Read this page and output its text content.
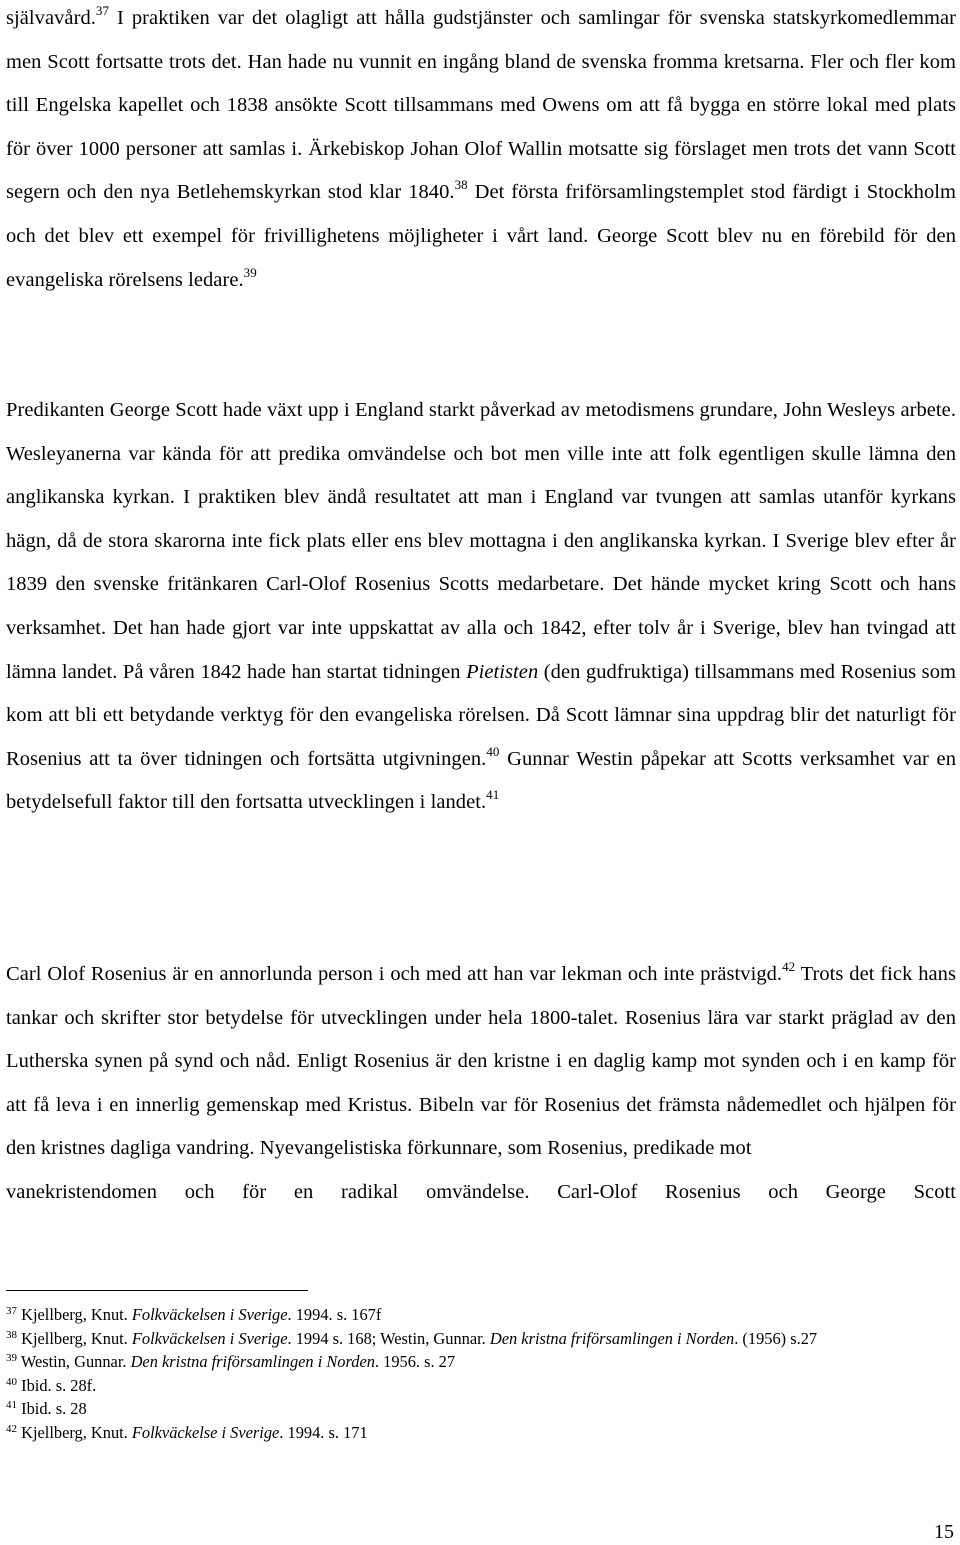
självavård.$^{37}$ I praktiken var det olagligt att hålla gudstjänster och samlingar för svenska statskyrkomedlemmar men Scott fortsatte trots det. Han hade nu vunnit en ingång bland de svenska fromma kretsarna. Fler och fler kom till Engelska kapellet och 1838 ansökte Scott tillsammans med Owens om att få bygga en större lokal med plats för över 1000 personer att samlas i. Ärkebiskop Johan Olof Wallin motsatte sig förslaget men trots det vann Scott segern och den nya Betlehemskyrkan stod klar 1840.38 Det första friförsamlingstemplet stod färdigt i Stockholm och det blev ett exempel för frivillighetens möjligheter i vårt land. George Scott blev nu en förebild för den evangeliska rörelsens ledare.$^{39}$

Predikanten George Scott hade växt upp i England starkt påverkad av metodismens grundare, John Wesleys arbete. Wesleyanerna var kända för att predika omvändelse och bot men ville inte att folk egentligen skulle lämna den anglikanska kyrkan. I praktiken blev ändå resultatet att man i England var tvungen att samlas utanför kyrkans hägn, då de stora skarorna inte fick plats eller ens blev mottagna i den anglikanska kyrkan. I Sverige blev efter år 1839 den svenske fritänkaren Carl-Olof Rosenius Scotts medarbetare. Det hände mycket kring Scott och hans verksamhet. Det han hade gjort var inte uppskattat av alla och 1842, efter tolv år i Sverige, blev han tvingad att lämna landet. På våren 1842 hade han startat tidningen Pietisten (den gudfruktiga) tillsammans med Rosenius som kom att bli ett betydande verktyg för den evangeliska rörelsen. Då Scott lämnar sina uppdrag blir det naturligt för Rosenius att ta över tidningen och fortsätta utgivningen.$^{40}$ Gunnar Westin påpekar att Scotts verksamhet var en betydelsefull faktor till den fortsatta utvecklingen i landet.$^{41}$

Carl Olof Rosenius är en annorlunda person i och med att han var lekman och inte prästvigd.$^{42}$ Trots det fick hans tankar och skrifter stor betydelse för utvecklingen under hela 1800-talet. Rosenius lära var starkt präglad av den Lutherska synen på synd och nåd. Enligt Rosenius är den kristne i en daglig kamp mot synden och i en kamp för att få leva i en innerlig gemenskap med Kristus. Bibeln var för Rosenius det främsta nådemedlet och hjälpen för den kristnes dagliga vandring. Nyevangelistiska förkunnare, som Rosenius, predikade mot
vanekristendomen och för en radikal omvändelse. Carl-Olof Rosenius och George Scott

$^{37}$ Kjellberg, Knut. Folkväckelsen i Sverige. 1994. s. 167f

$^{38}$ Kjellberg, Knut. Folkväckelsen i Sverige. 1994 s. 168; Westin, Gunnar. Den kristna friförsamlingen i Norden. (1956) s.27

$^{39}$ Westin, Gunnar. Den kristna friförsamlingen i Norden. 1956. s. 27

$^{40}$ Ibid. s. 28f.

$^{41}$ Ibid. s. 28

$^{42}$ Kjellberg, Knut. Folkväckelse i Sverige. 1994. s. 171

15
